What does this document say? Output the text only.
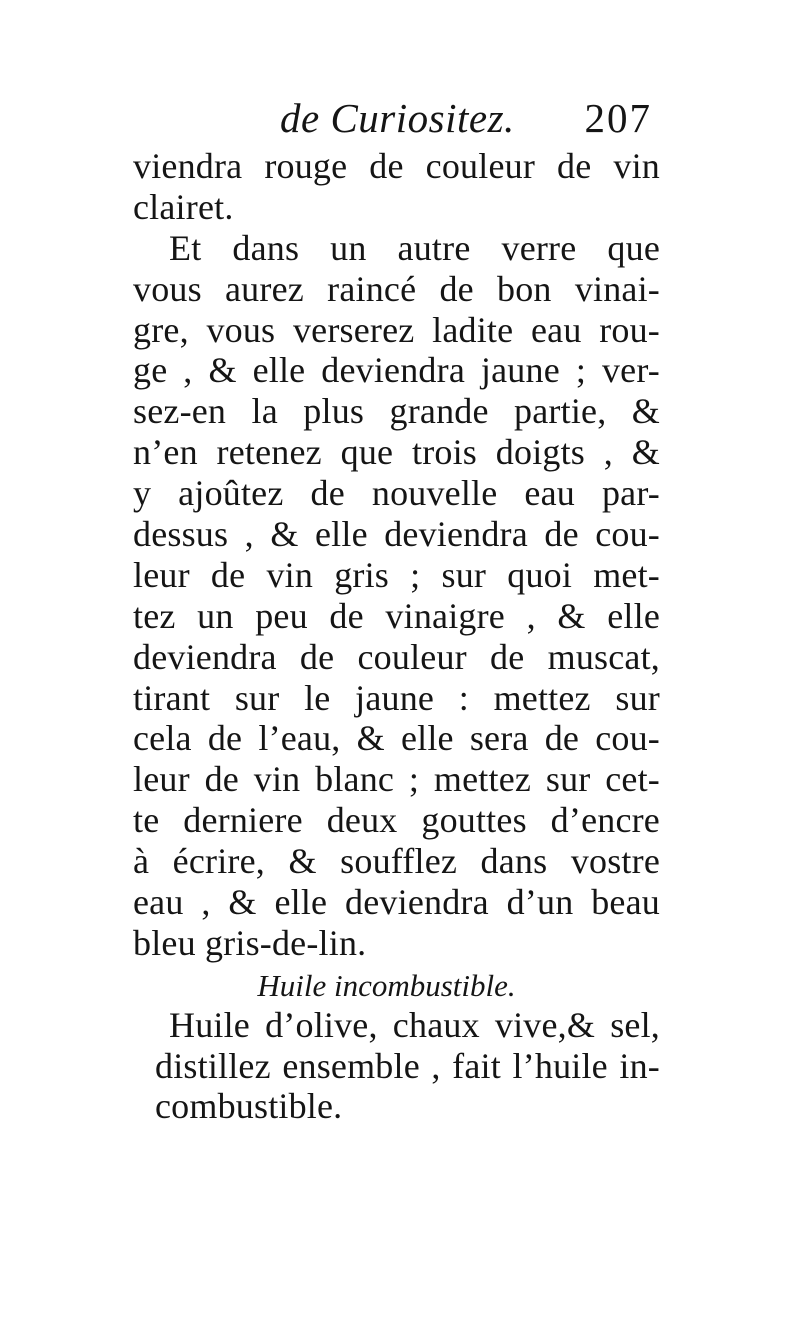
de Curiositez. 207
viendra rouge de couleur de vin
clairet.
Et dans un autre verre que
vous aurez raincé de bon vinai-
gre, vous verserez ladite eau rou-
ge , & elle deviendra jaune ; ver-
sez-en la plus grande partie, &
n’en retenez que trois doigts , &
y ajoûtez de nouvelle eau par-
dessus , & elle deviendra de cou-
leur de vin gris ; sur quoi met-
tez un peu de vinaigre , & elle
deviendra de couleur de muscat,
tirant sur le jaune : mettez sur
cela de l’eau, & elle sera de cou-
leur de vin blanc ; mettez sur cet-
te derniere deux gouttes d’encre
à écrire, & soufflez dans vostre
eau , & elle deviendra d’un beau
bleu gris-de-lin.
Huile incombustible.
Huile d’olive, chaux vive,& sel,
distillez ensemble , fait l’huile in-
combustible.
